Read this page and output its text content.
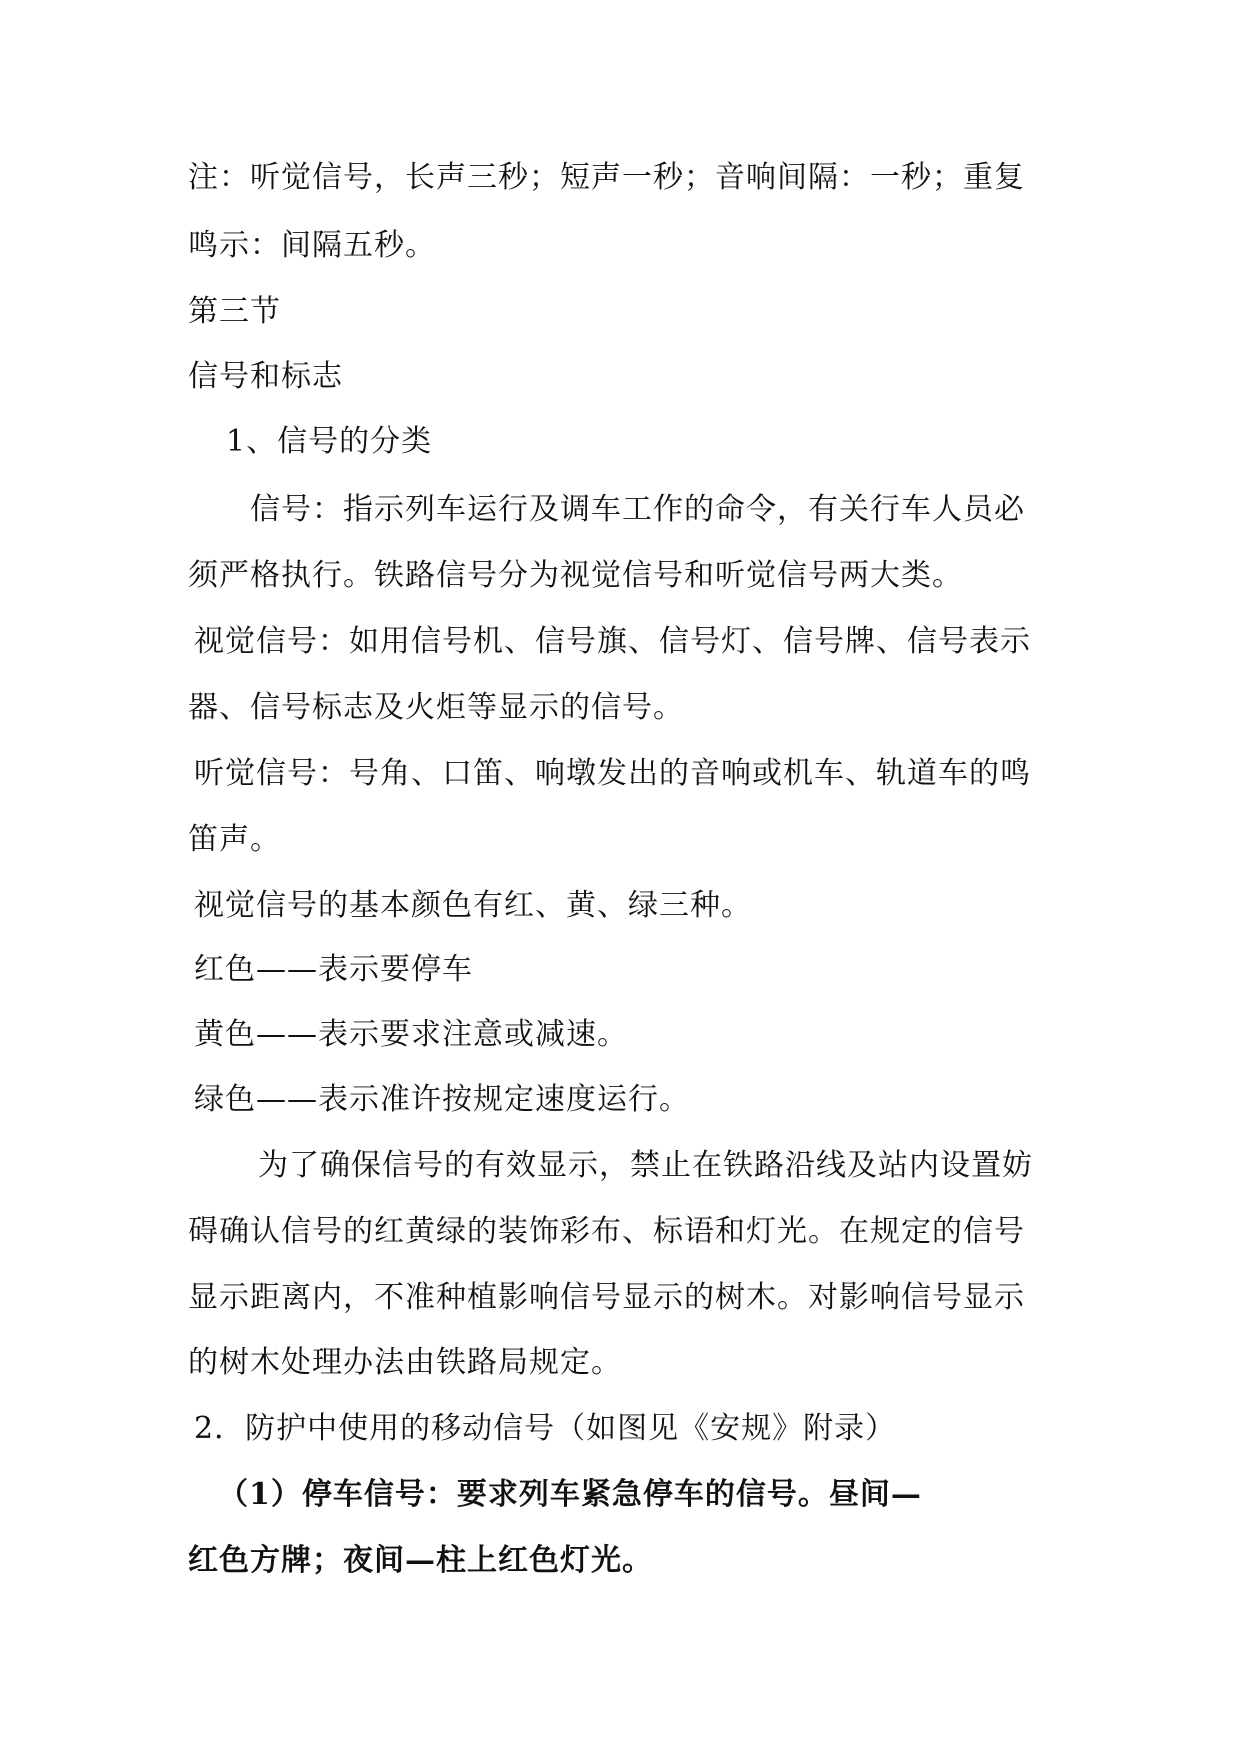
注：听觉信号，长声三秒；短声一秒；音响间隔：一秒；重复
鸣示：间隔五秒。
第三节
信号和标志
1、信号的分类
信号：指示列车运行及调车工作的命令，有关行车人员必
须严格执行。铁路信号分为视觉信号和听觉信号两大类。
视觉信号：如用信号机、信号旗、信号灯、信号牌、信号表示
器、信号标志及火炬等显示的信号。
听觉信号：号角、口笛、响墩发出的音响或机车、轨道车的鸣
笛声。
视觉信号的基本颜色有红、黄、绿三种。
红色——表示要停车
黄色——表示要求注意或减速。
绿色——表示准许按规定速度运行。
为了确保信号的有效显示，禁止在铁路沿线及站内设置妨
碍确认信号的红黄绿的装饰彩布、标语和灯光。在规定的信号
显示距离内，不准种植影响信号显示的树木。对影响信号显示
的树木处理办法由铁路局规定。
2．防护中使用的移动信号（如图见《安规》附录）
（1）停车信号：要求列车紧急停车的信号。昼间—
红色方牌；夜间—柱上红色灯光。
